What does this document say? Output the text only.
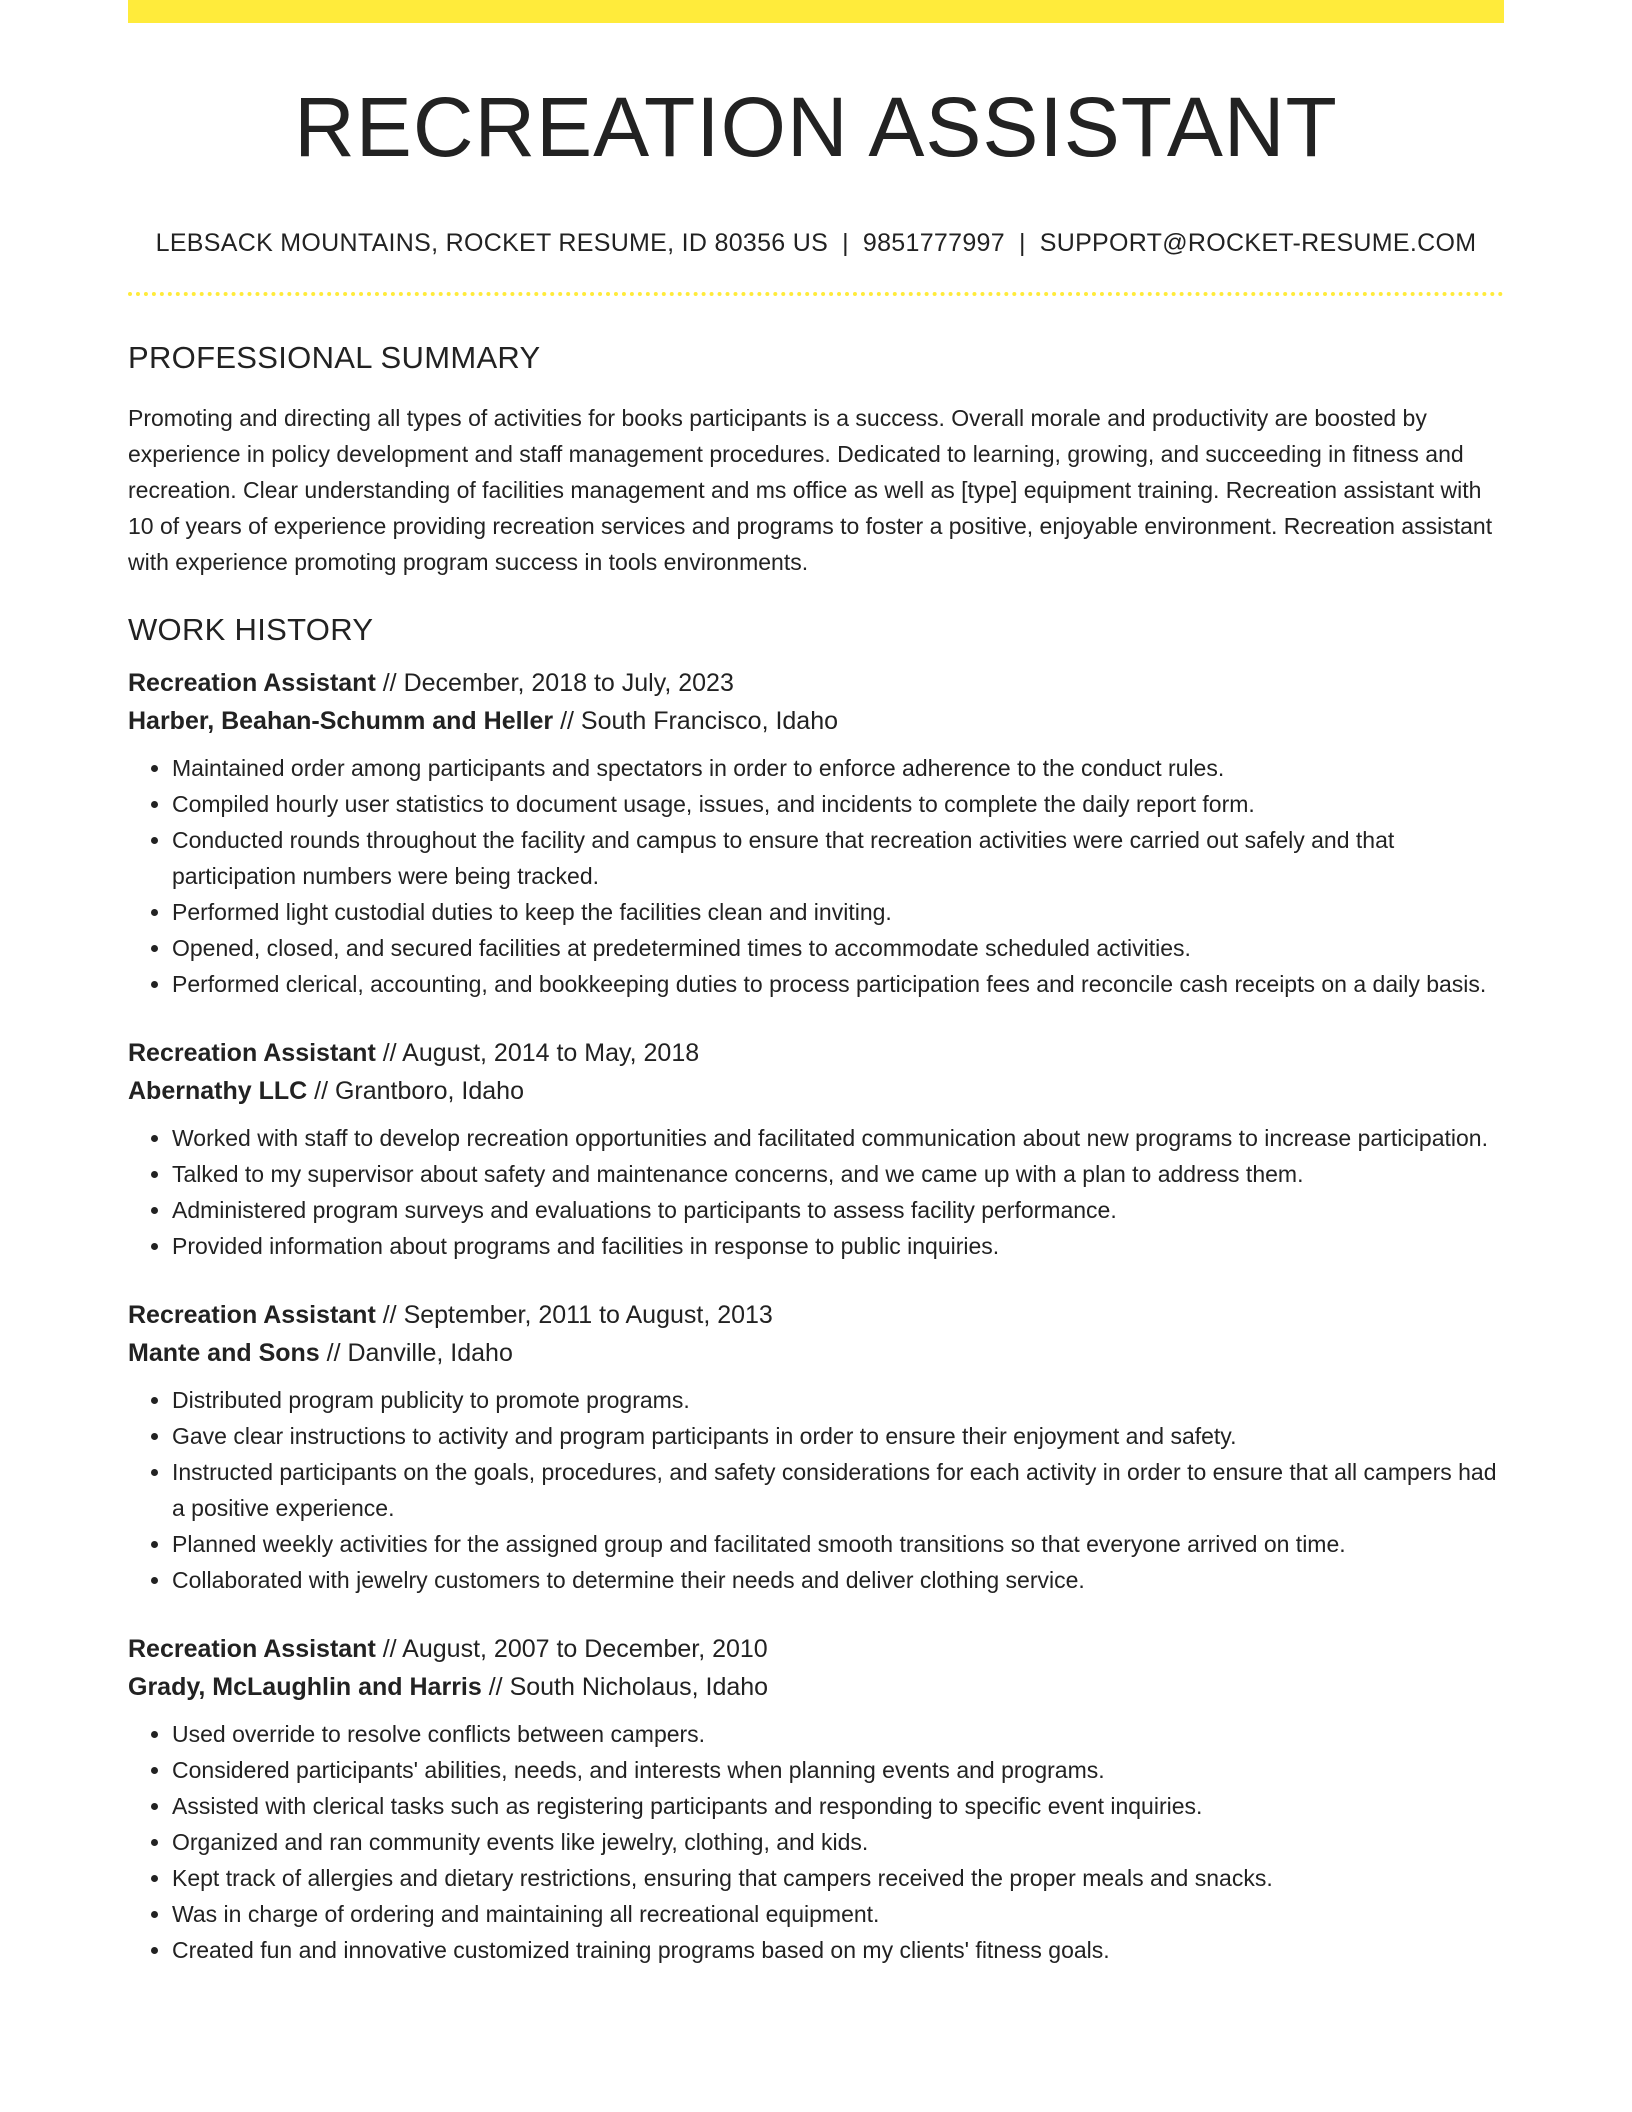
RECREATION ASSISTANT
LEBSACK MOUNTAINS, ROCKET RESUME, ID 80356 US | 9851777997 | SUPPORT@ROCKET-RESUME.COM
PROFESSIONAL SUMMARY

Promoting and directing all types of activities for books participants is a success. Overall morale and productivity are boosted by experience in policy development and staff management procedures. Dedicated to learning, growing, and succeeding in fitness and recreation. Clear understanding of facilities management and ms office as well as [type] equipment training. Recreation assistant with 10 of years of experience providing recreation services and programs to foster a positive, enjoyable environment. Recreation assistant with experience promoting program success in tools environments.

WORK HISTORY
Recreation Assistant // December, 2018 to July, 2023
Harber, Beahan-Schumm and Heller // South Francisco, Idaho
• Maintained order among participants and spectators in order to enforce adherence to the conduct rules.
• Compiled hourly user statistics to document usage, issues, and incidents to complete the daily report form.
• Conducted rounds throughout the facility and campus to ensure that recreation activities were carried out safely and that participation numbers were being tracked.
• Performed light custodial duties to keep the facilities clean and inviting.
• Opened, closed, and secured facilities at predetermined times to accommodate scheduled activities.
• Performed clerical, accounting, and bookkeeping duties to process participation fees and reconcile cash receipts on a daily basis.
Recreation Assistant // August, 2014 to May, 2018
Abernathy LLC // Grantboro, Idaho
• Worked with staff to develop recreation opportunities and facilitated communication about new programs to increase participation.
• Talked to my supervisor about safety and maintenance concerns, and we came up with a plan to address them.
• Administered program surveys and evaluations to participants to assess facility performance.
• Provided information about programs and facilities in response to public inquiries.
Recreation Assistant // September, 2011 to August, 2013
Mante and Sons // Danville, Idaho
• Distributed program publicity to promote programs.
• Gave clear instructions to activity and program participants in order to ensure their enjoyment and safety.
• Instructed participants on the goals, procedures, and safety considerations for each activity in order to ensure that all campers had a positive experience.
• Planned weekly activities for the assigned group and facilitated smooth transitions so that everyone arrived on time.
• Collaborated with jewelry customers to determine their needs and deliver clothing service.
Recreation Assistant // August, 2007 to December, 2010
Grady, McLaughlin and Harris // South Nicholaus, Idaho
• Used override to resolve conflicts between campers.
• Considered participants' abilities, needs, and interests when planning events and programs.
• Assisted with clerical tasks such as registering participants and responding to specific event inquiries.
• Organized and ran community events like jewelry, clothing, and kids.
• Kept track of allergies and dietary restrictions, ensuring that campers received the proper meals and snacks.
• Was in charge of ordering and maintaining all recreational equipment.
• Created fun and innovative customized training programs based on my clients' fitness goals.
